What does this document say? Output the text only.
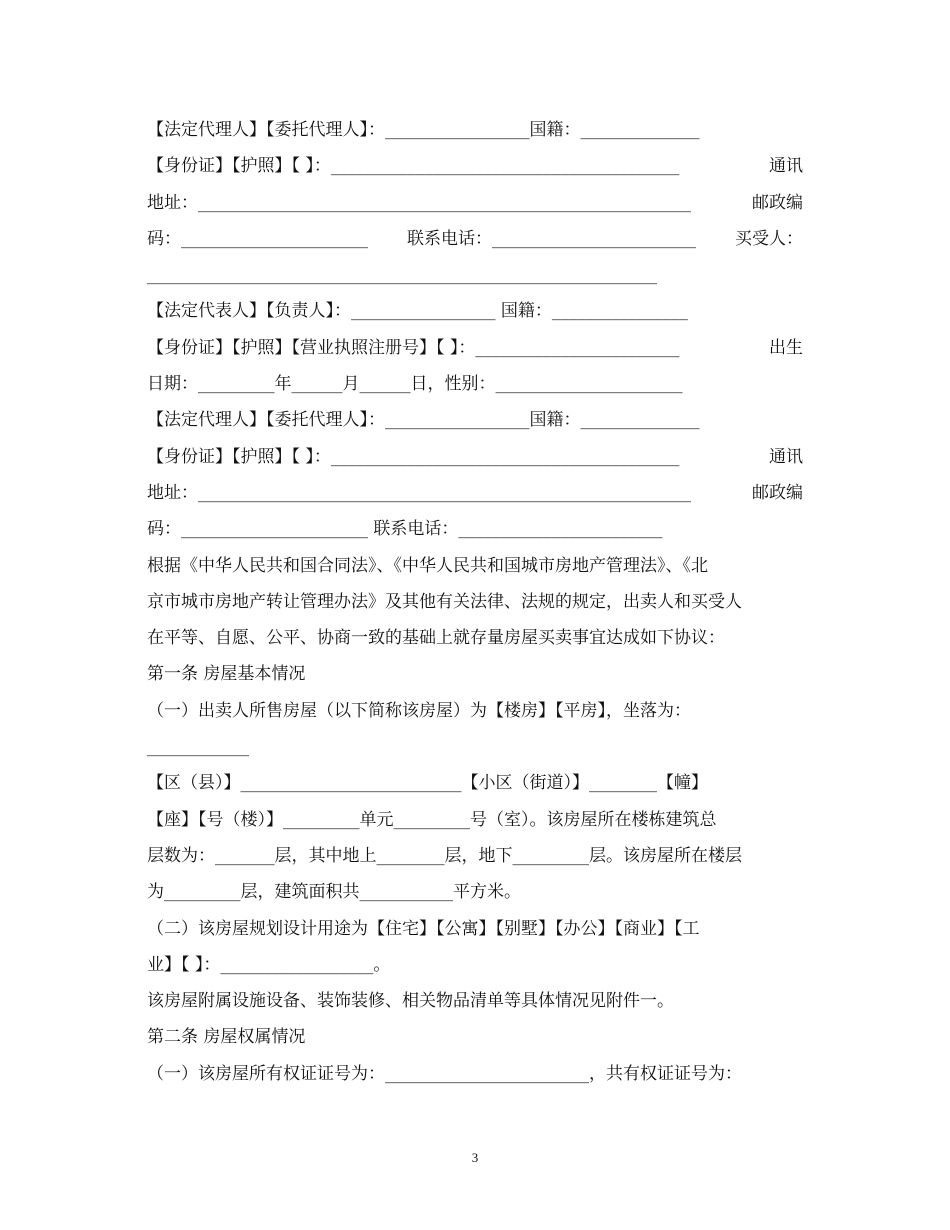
【法定代理人】【委托代理人】：_________________国籍：______________
【身份证】【护照】【 】：_________________________________________	通讯
地址：__________________________________________________________	邮政编
码：______________________ 联系电话：________________________ 买受人：
____________________________________________________________
【法定代表人】【负责人】：_________________ 国籍：________________
【身份证】【护照】【营业执照注册号】【 】：________________________	出生
日期：_________年______月______日，性别：______________________
【法定代理人】【委托代理人】：_________________国籍：______________
【身份证】【护照】【 】：_________________________________________	通讯
地址：__________________________________________________________	邮政编
码：______________________ 联系电话：________________________
根据《中华人民共和国合同法》、《中华人民共和国城市房地产管理法》、《北
京市城市房地产转让管理办法》及其他有关法律、法规的规定，出卖人和买受人
在平等、自愿、公平、协商一致的基础上就存量房屋买卖事宜达成如下协议：
第一条 房屋基本情况
（一）出卖人所售房屋（以下简称该房屋）为【楼房】【平房】，坐落为：
____________
【区（县）】__________________________【小区（街道）】________【幢】
【座】【号（楼）】_________单元_________号（室）。该房屋所在楼栋建筑总
层数为：_______层，其中地上________层，地下_________层。该房屋所在楼层
为_________层，建筑面积共___________平方米。
（二）该房屋规划设计用途为【住宅】【公寓】【别墅】【办公】【商业】【工
业】【 】：__________________。
该房屋附属设施设备、装饰装修、相关物品清单等具体情况见附件一。
第二条 房屋权属情况
（一）该房屋所有权证证号为：________________________，共有权证证号为：
3
